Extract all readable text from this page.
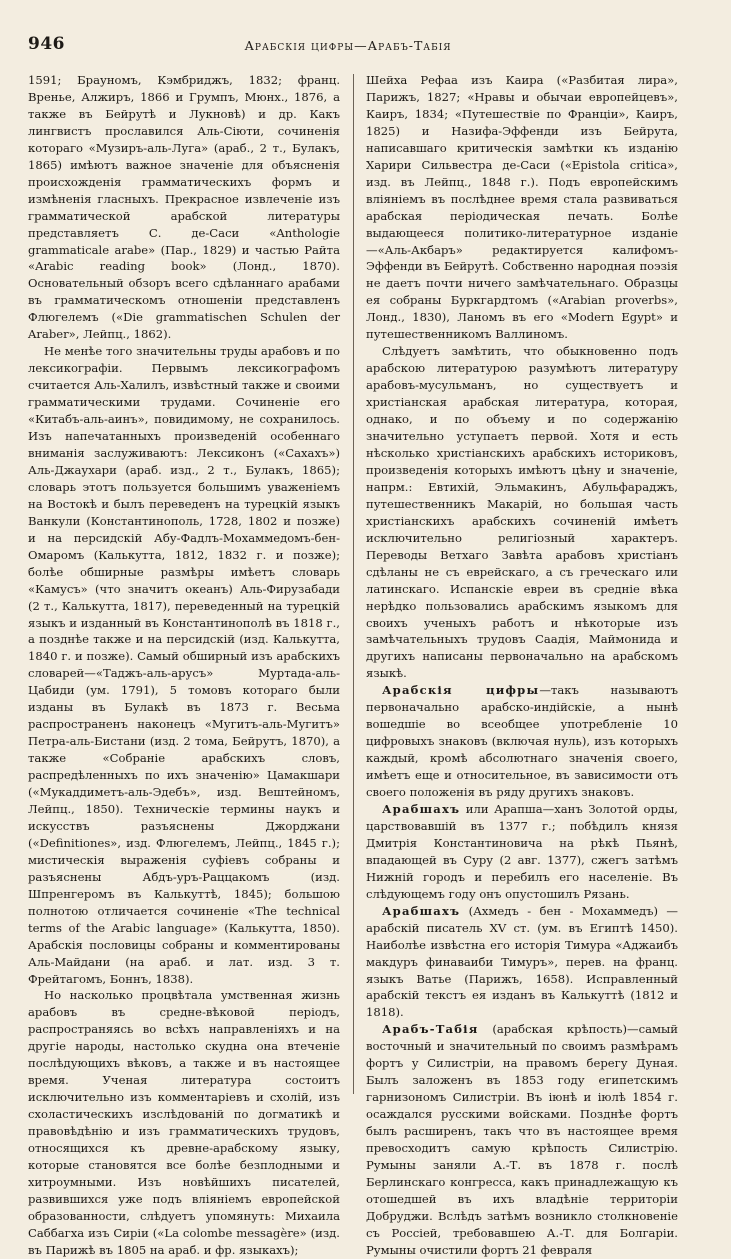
946	Арабскія цифры—Арабъ-Табія

1591; Брауномъ, Кэмбриджъ, 1832; франц. Вренье, Алжиръ, 1866 и Грумпъ, Мюнх., 1876, а также въ Бейрутѣ и Лукновѣ) и др. Какъ лингвистъ прославился Аль-Сіюти, сочиненія котораго «Музиръ-аль-Луга» (араб., 2 т., Булакъ, 1865) имѣютъ важное значеніе для объясненія происхожденія грамматическихъ формъ и измѣненія гласныхъ. Прекрасное извлеченіе изъ грамматической арабской литературы представляетъ С. де-Саси «Anthologie grammaticale arabe» (Пар., 1829) и частью Райта «Arabic reading book» (Лонд., 1870). Основательный обзоръ всего сдѣланнаго арабами въ грамматическомъ отношеніи представленъ Флюгелемъ («Die grammatischen Schulen der Araber», Лейпц., 1862).

Не менѣе того значительны труды арабовъ и по лексикографіи. Первымъ лексикографомъ считается Аль-Халилъ, извѣстный также и своими грамматическими трудами. Сочиненіе его «Китабъ-аль-аинъ», повидимому, не сохранилось. Изъ напечатанныхъ произведеній особеннаго вниманія заслуживаютъ: Лексиконъ («Сахахъ») Аль-Джаухари (араб. изд., 2 т., Булакъ, 1865); словарь этотъ пользуется большимъ уваженіемъ на Востокѣ и былъ переведенъ на турецкій языкъ Ванкули (Константинополь, 1728, 1802 и позже) и на персидскій Абу-Фадлъ-Мохаммедомъ-бен-Омаромъ (Калькутта, 1812, 1832 г. и позже); болѣе обширные размѣры имѣетъ словарь «Камусъ» (что значитъ океанъ) Аль-Фирузабади (2 т., Калькутта, 1817), переведенный на турецкій языкъ и изданный въ Константинополѣ въ 1818 г., а позднѣе также и на персидскій (изд. Калькутта, 1840 г. и позже). Самый обширный изъ арабскихъ словарей—«Таджъ-аль-арусъ» Муртада-аль-Цабиди (ум. 1791), 5 томовъ котораго были изданы въ Булакѣ въ 1873 г. Весьма распространенъ наконецъ «Мугитъ-аль-Мугитъ» Петра-аль-Бистани (изд. 2 тома, Бейрутъ, 1870), а также «Собраніе арабскихъ словъ, распредѣленныхъ по ихъ значенію» Цамакшари («Мукаддиметъ-аль-Эдебъ», изд. Вештейномъ, Лейпц., 1850). Техническіе термины наукъ и искусствъ разъяснены Джорджани («Definitiones», изд. Флюгелемъ, Лейпц., 1845 г.); мистическія выраженія суфіевъ собраны и разъяснены Абдъ-уръ-Раццакомъ (изд. Шпренгеромъ въ Калькуттѣ, 1845); большою полнотою отличается сочиненіе «The technical terms of the Arabic language» (Калькутта, 1850). Арабскія пословицы собраны и комментированы Аль-Майдани (на араб. и лат. изд. 3 т. Фрейтагомъ, Боннъ, 1838).

Но насколько процвѣтала умственная жизнь арабовъ въ средне-вѣковой періодъ, распространяясь во всѣхъ направленіяхъ и на другіе народы, настолько скудна она втеченіе послѣдующихъ вѣковъ, а также и въ настоящее время. Ученая литература состоитъ исключительно изъ комментаріевъ и схолій, изъ схоластическихъ изслѣдованій по догматикѣ и правовѣдѣнію и изъ грамматическихъ трудовъ, относящихся къ древне-арабскому языку, которые становятся все болѣе безплодными и хитроумными. Изъ новѣйшихъ писателей, развившихся уже подъ вліяніемъ европейской образованности, слѣдуетъ упомянуть: Михаила Саббагха изъ Сиріи («La colombe messagère» (изд. въ Парижѣ въ 1805 на араб. и фр. языкахъ);

Шейха Рефаа изъ Каира («Разбитая лира», Парижъ, 1827; «Нравы и обычаи европейцевъ», Каиръ, 1834; «Путешествіе по Франціи», Каиръ, 1825) и Назифа-Эффенди изъ Бейрута, написавшаго критическія замѣтки къ изданію Харири Сильвестра де-Саси («Epistola critica», изд. въ Лейпц., 1848 г.). Подъ европейскимъ вліяніемъ въ послѣднее время стала развиваться арабская періодическая печать. Болѣе выдающееся политико-литературное изданіе—«Аль-Акбаръ» редактируется калифомъ-Эффенди въ Бейрутѣ. Собственно народная поэзія не даетъ почти ничего замѣчательнаго. Образцы ея собраны Буркгардтомъ («Arabian proverbs», Лонд., 1830), Ланомъ въ его «Modern Egypt» и путешественникомъ Валлиномъ.

Слѣдуетъ замѣтить, что обыкновенно подъ арабскою литературою разумѣютъ литературу арабовъ-мусульманъ, но существуетъ и христіанская арабская литература, которая, однако, и по объему и по содержанію значительно уступаетъ первой. Хотя и есть нѣсколько христіанскихъ арабскихъ историковъ, произведенія которыхъ имѣютъ цѣну и значеніе, напрм.: Евтихій, Эльмакинъ, Абульфараджъ, путешественникъ Макарій, но большая часть христіанскихъ арабскихъ сочиненій имѣетъ исключительно религіозный характеръ. Переводы Ветхаго Завѣта арабовъ христіанъ сдѣланы не съ еврейскаго, а съ греческаго или латинскаго. Испанскіе евреи въ средніе вѣка нерѣдко пользовались арабскимъ языкомъ для своихъ ученыхъ работъ и нѣкоторые изъ замѣчательныхъ трудовъ Саадія, Маймонида и другихъ написаны первоначально на арабскомъ языкѣ.

Арабскія цифры—такъ называютъ первоначально арабско-индійскіе, а нынѣ вошедшіе во всеобщее употребленіе 10 цифровыхъ знаковъ (включая нуль), изъ которыхъ каждый, кромѣ абсолютнаго значенія своего, имѣетъ еще и относительное, въ зависимости отъ своего положенія въ ряду другихъ знаковъ.

Арабшахъ или Арапша—ханъ Золотой орды, царствовавшій въ 1377 г.; побѣдилъ князя Дмитрія Константиновича на рѣкѣ Пьянѣ, впадающей въ Суру (2 авг. 1377), сжегъ затѣмъ Нижній городъ и перебилъ его населеніе. Въ слѣдующемъ году онъ опустошилъ Рязань.

Арабшахъ (Ахмедъ - бен - Мохаммедъ) —арабскій писатель XV ст. (ум. въ Египтѣ 1450). Наиболѣе извѣстна его исторія Тимура «Аджаибъ макдуръ финаваиби Тимуръ», перев. на франц. языкъ Ватье (Парижъ, 1658). Исправленный арабскій текстъ ея изданъ въ Калькуттѣ (1812 и 1818).

Арабъ-Табія (арабская крѣпость)—самый восточный и значительный по своимъ размѣрамъ фортъ у Силистріи, на правомъ берегу Дуная. Былъ заложенъ въ 1853 году египетскимъ гарнизономъ Силистріи. Въ іюнѣ и іюлѣ 1854 г. осаждался русскими войсками. Позднѣе фортъ былъ расширенъ, такъ что въ настоящее время превосходитъ самую крѣпость Силистрію. Румыны заняли А.-Т. въ 1878 г. послѣ Берлинскаго конгресса, какъ принадлежащую къ отошедшей въ ихъ владѣніе территоріи Добруджи. Вслѣдъ затѣмъ возникло столкновеніе съ Россіей, требовавшею А.-Т. для Болгаріи. Румыны очистили фортъ 21 февраля
